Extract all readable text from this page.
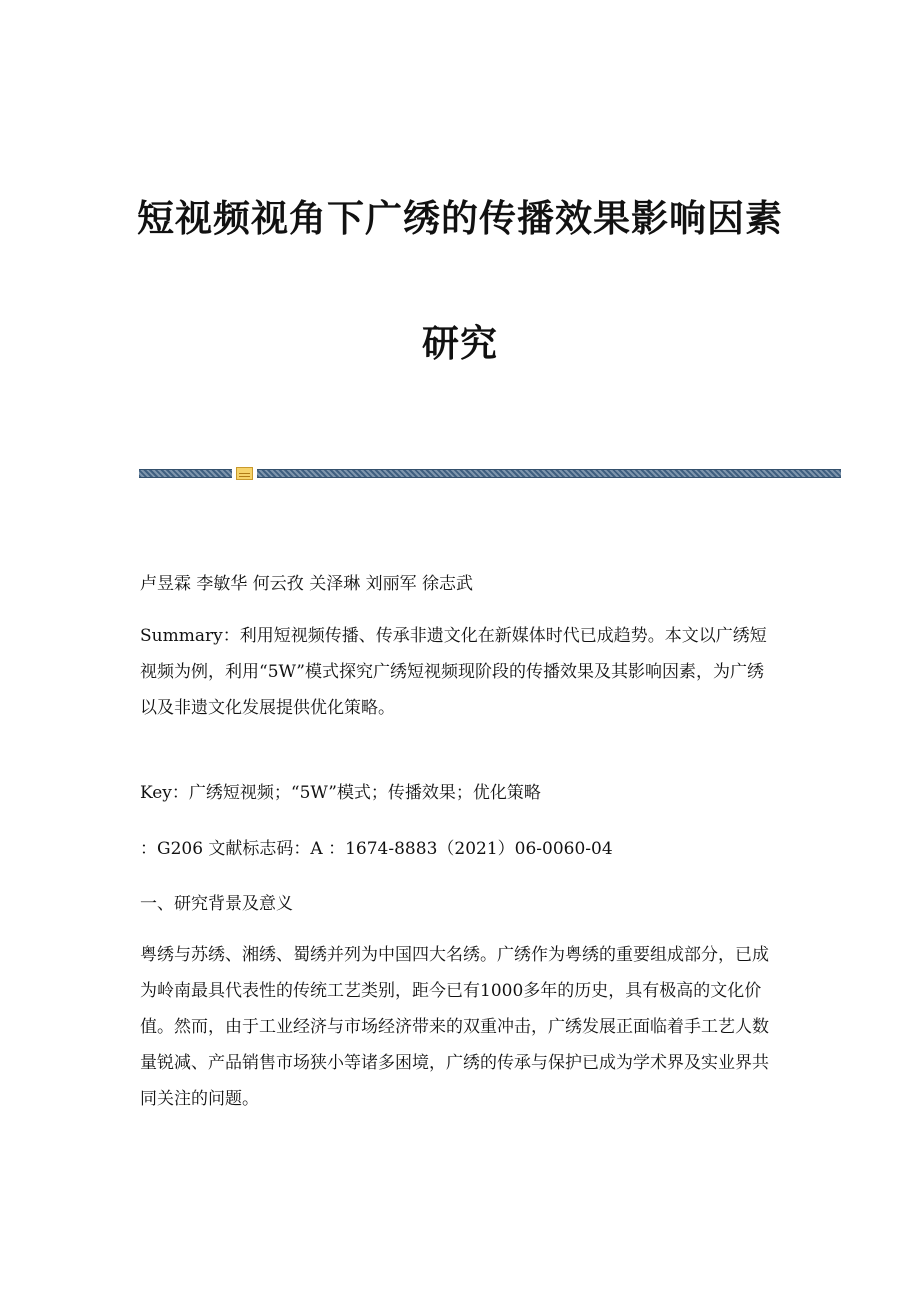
短视频视角下广绣的传播效果影响因素
研究
卢昱霖 李敏华 何云孜 关泽琳 刘丽军 徐志武

Summary：利用短视频传播、传承非遗文化在新媒体时代已成趋势。本文以广绣短视频为例，利用“5W”模式探究广绣短视频现阶段的传播效果及其影响因素，为广绣以及非遗文化发展提供优化策略。

Key：广绣短视频；“5W”模式；传播效果；优化策略
：G206 文献标志码：A ：1674-8883（2021）06-0060-04
一、研究背景及意义

粤绣与苏绣、湘绣、蜀绣并列为中国四大名绣。广绣作为粤绣的重要组成部分，已成为岭南最具代表性的传统工艺类别，距今已有1000多年的历史，具有极高的文化价值。然而，由于工业经济与市场经济带来的双重冲击，广绣发展正面临着手工艺人数量锐减、产品销售市场狭小等诸多困境，广绣的传承与保护已成为学术界及实业界共同关注的问题。
